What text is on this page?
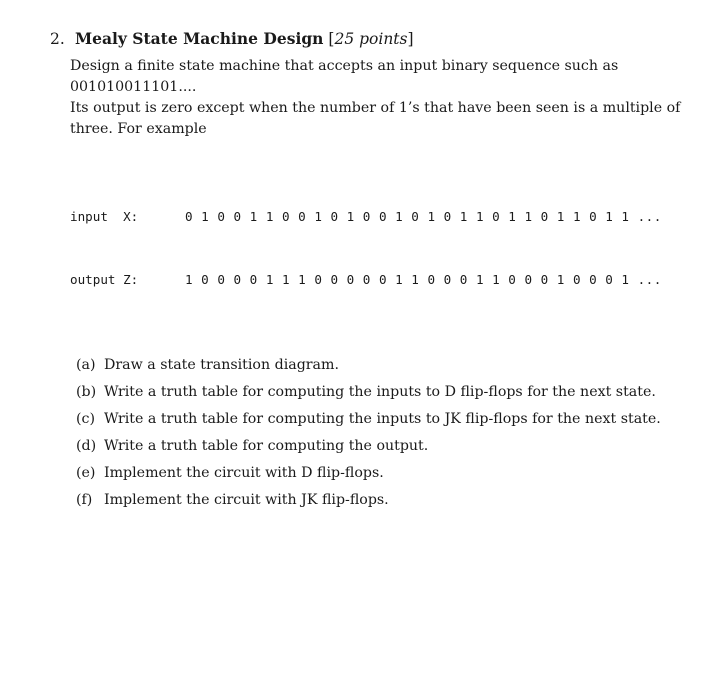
2. Mealy State Machine Design [25 points]

Design a finite state machine that accepts an input binary sequence such as 001010011101....

Its output is zero except when the number of 1’s that have been seen is a multiple of

three. For example

input  X:	0 1 0 0 1 1 0 0 1 0 1 0 0 1 0 1 0 1 1 0 1 1 0 1 1 0 1 1 ...

output Z:	1 0 0 0 0 1 1 1 0 0 0 0 0 1 1 0 0 0 1 1 0 0 0 1 0 0 0 1 ...

(a) Draw a state transition diagram.
(b) Write a truth table for computing the inputs to D flip-flops for the next state.
(c) Write a truth table for computing the inputs to JK flip-flops for the next state.
(d) Write a truth table for computing the output.
(e) Implement the circuit with D flip-flops.
(f) Implement the circuit with JK flip-flops.
